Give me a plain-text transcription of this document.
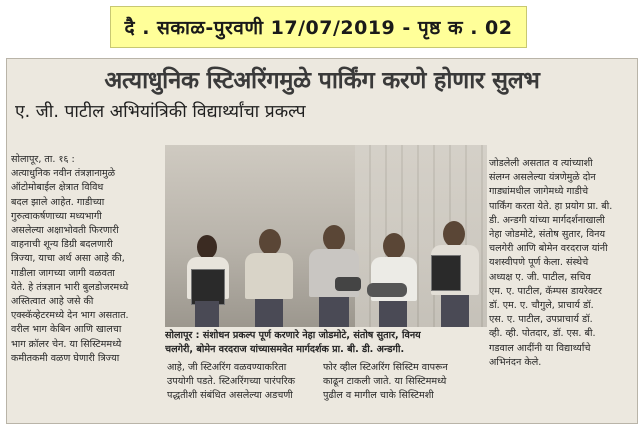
दै . सकाळ-पुरवणी 17/07/2019 - पृष्ठ क . 02
अत्याधुनिक स्टिअरिंगमुळे पार्किंग करणे होणार सुलभ
ए. जी. पाटील अभियांत्रिकी विद्यार्थ्यांचा प्रकल्प
सोलापूर, ता. १६ :
अत्याधुनिक नवीन तंत्रज्ञानामुळे
ऑटोमोबाईल क्षेत्रात विविध
बदल झाले आहेत. गाडीच्या
गुरुत्वाकर्षणाच्या मध्यभागी
असलेल्या अक्षाभोवती फिरणारी
वाहनाची शून्य डिग्री बदलणारी
त्रिज्या, याचा अर्थ असा आहे की,
गाडीला जागच्या जागी वळवता
येते. हे तंत्रज्ञान भारी बुलडोजरमध्ये
अस्तित्वात आहे जसे की
एक्स्कॅव्हेटरमध्ये देन भाग असतात.
वरील भाग केबिन आणि खालचा
भाग क्रॉलर चेन. या सिस्टिममध्ये
कमीतकमी वळण घेणारी त्रिज्या
सोलापूर : संशोधन प्रकल्प पूर्ण करणारे नेहा जोडमोटे, संतोष सुतार, विनय
चलगेरी, बोमेन वरदराज यांच्यासमवेत मार्गदर्शक प्रा. बी. डी. अन्डगी.
आहे, जी स्टिअरिंग वळवण्याकरिता
उपयोगी पडते. स्टिअरिंगच्या पारंपरिक
पद्धतीशी संबंधित असलेल्या अडचणी
फोर व्हील स्टिअरिंग सिस्टिम वापरून
काढून टाकली जाते. या सिस्टिममध्ये
पुढील व मागील चाके सिस्टिमशी
जोडलेली असतात व त्यांच्याशी
संलग्न असलेल्या यंत्रणेमुळे दोन
गाड्यांमधील जागेमध्ये गाडीचे
पार्किंग करता येते. हा प्रयोग प्रा. बी.
डी. अन्डगी यांच्या मार्गदर्शनाखाली
नेहा जोडमोटे, संतोष सुतार, विनय
चलगेरी आणि बोमेन वरदराज यांनी
यशस्वीपणे पूर्ण केला. संस्थेचे
अध्यक्ष ए. जी. पाटील, सचिव
एम. ए. पाटील, कॅम्पस डायरेक्टर
डॉ. एम. ए. चौगुले, प्राचार्य डॉ.
एस. ए. पाटील, उपप्राचार्य डॉ.
व्ही. व्ही. पोतदार, डॉ. एस. बी.
गडवाल आदींनी या विद्यार्थ्यांचे
अभिनंदन केले.
